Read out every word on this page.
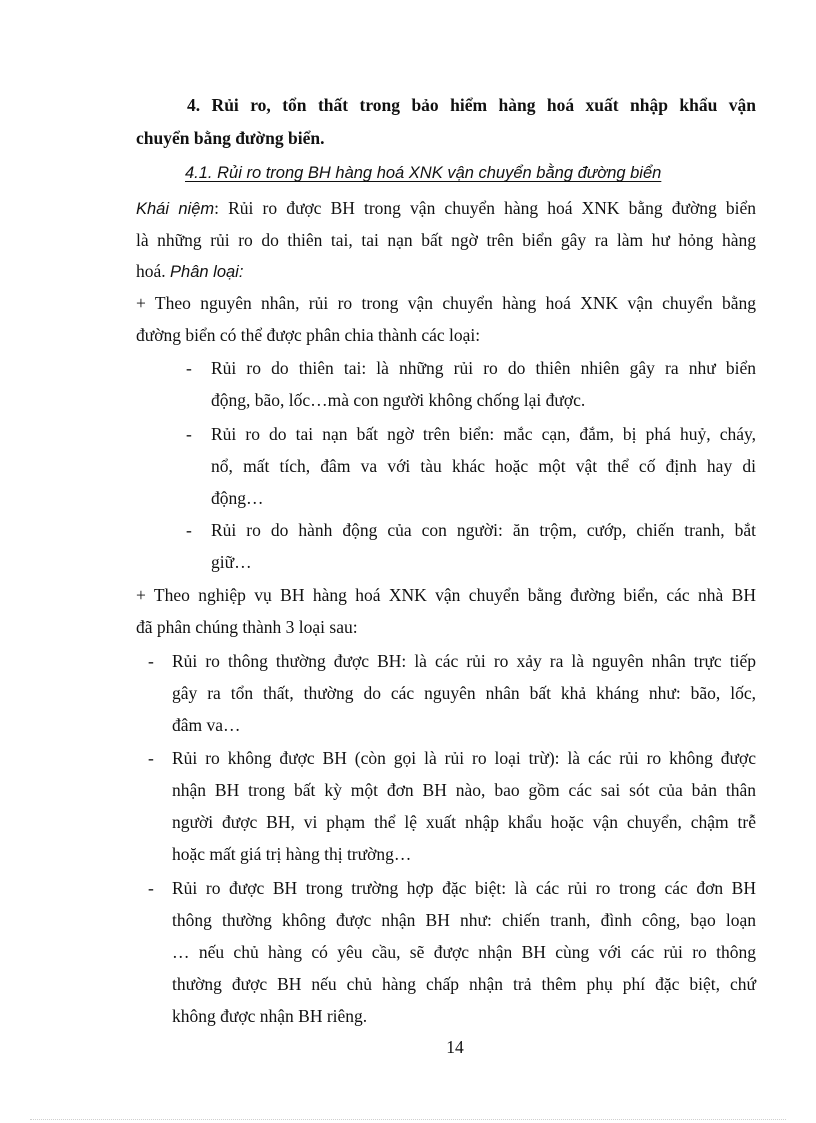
4. Rủi ro, tổn thất trong bảo hiểm hàng hoá xuất nhập khẩu vận
chuyển bằng đường biển.
4.1. Rủi ro trong BH hàng hoá XNK vận chuyển bằng đường biển
Khái niệm: Rủi ro được BH trong vận chuyển hàng hoá XNK bằng đường biển
là những rủi ro do thiên tai, tai nạn bất ngờ trên biển gây ra làm hư hỏng hàng
hoá. Phân loại:
+ Theo nguyên nhân, rủi ro trong vận chuyển hàng hoá XNK vận chuyển bằng
đường biển có thể được phân chia thành các loại:
- Rủi ro do thiên tai: là những rủi ro do thiên nhiên gây ra như biển
động, bão, lốc…mà con người không chống lại được.
- Rủi ro do tai nạn bất ngờ trên biển: mắc cạn, đắm, bị phá huỷ, cháy,
nổ, mất tích, đâm va với tàu khác hoặc một vật thể cố định hay di
động…
- Rủi ro do hành động của con người: ăn trộm, cướp, chiến tranh, bắt
giữ…
+ Theo nghiệp vụ BH hàng hoá XNK vận chuyển bằng đường biển, các nhà BH
đã phân chúng thành 3 loại sau:
- Rủi ro thông thường được BH: là các rủi ro xảy ra là nguyên nhân trực tiếp
gây ra tổn thất, thường do các nguyên nhân bất khả kháng như: bão, lốc,
đâm va…
- Rủi ro không được BH (còn gọi là rủi ro loại trừ): là các rủi ro không được
nhận BH trong bất kỳ một đơn BH nào, bao gồm các sai sót của bản thân
người được BH, vi phạm thể lệ xuất nhập khẩu hoặc vận chuyển, chậm trễ
hoặc mất giá trị hàng thị trường…
- Rủi ro được BH trong trường hợp đặc biệt: là các rủi ro trong các đơn BH
thông thường không được nhận BH như: chiến tranh, đình công, bạo loạn
… nếu chủ hàng có yêu cầu, sẽ được nhận BH cùng với các rủi ro thông
thường được BH nếu chủ hàng chấp nhận trả thêm phụ phí đặc biệt, chứ
không được nhận BH riêng.
14
